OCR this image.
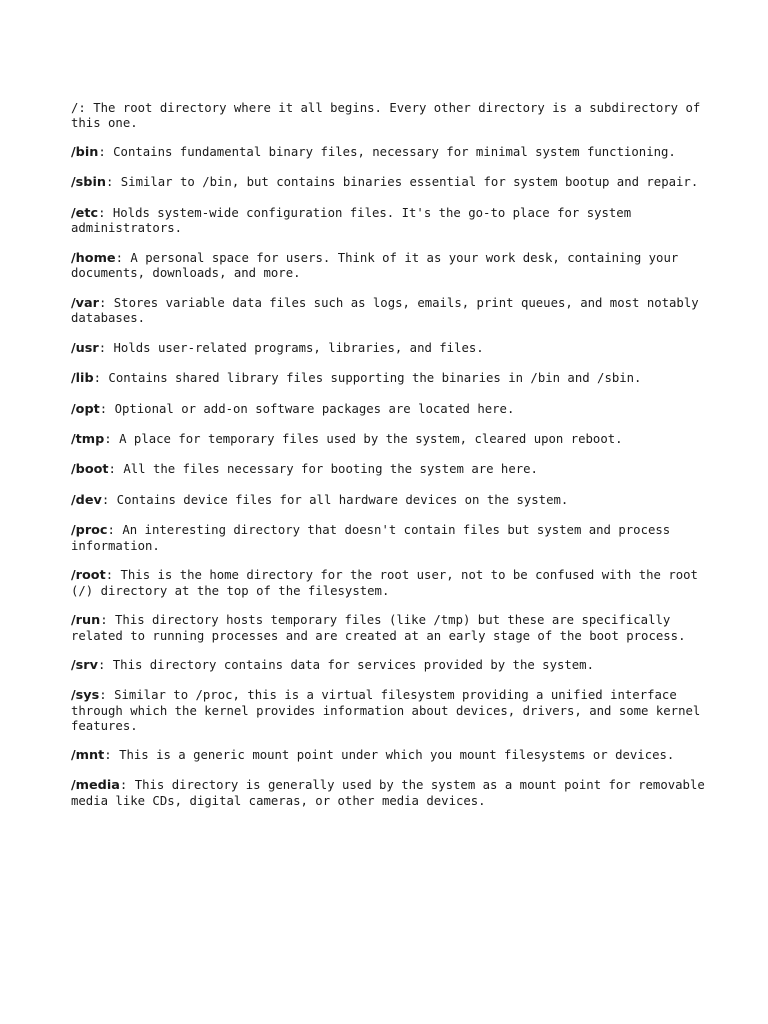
/: The root directory where it all begins. Every other directory is a subdirectory of this one.

/bin: Contains fundamental binary files, necessary for minimal system functioning.

/sbin: Similar to /bin, but contains binaries essential for system bootup and repair.

/etc: Holds system-wide configuration files. It's the go-to place for system administrators.

/home: A personal space for users. Think of it as your work desk, containing your documents, downloads, and more.

/var: Stores variable data files such as logs, emails, print queues, and most notably databases.

/usr: Holds user-related programs, libraries, and files.

/lib: Contains shared library files supporting the binaries in /bin and /sbin.

/opt: Optional or add-on software packages are located here.

/tmp: A place for temporary files used by the system, cleared upon reboot.

/boot: All the files necessary for booting the system are here.

/dev: Contains device files for all hardware devices on the system.

/proc: An interesting directory that doesn't contain files but system and process information.

/root: This is the home directory for the root user, not to be confused with the root (/) directory at the top of the filesystem.

/run: This directory hosts temporary files (like /tmp) but these are specifically related to running processes and are created at an early stage of the boot process.

/srv: This directory contains data for services provided by the system.

/sys: Similar to /proc, this is a virtual filesystem providing a unified interface through which the kernel provides information about devices, drivers, and some kernel features.

/mnt: This is a generic mount point under which you mount filesystems or devices.

/media: This directory is generally used by the system as a mount point for removable media like CDs, digital cameras, or other media devices.
